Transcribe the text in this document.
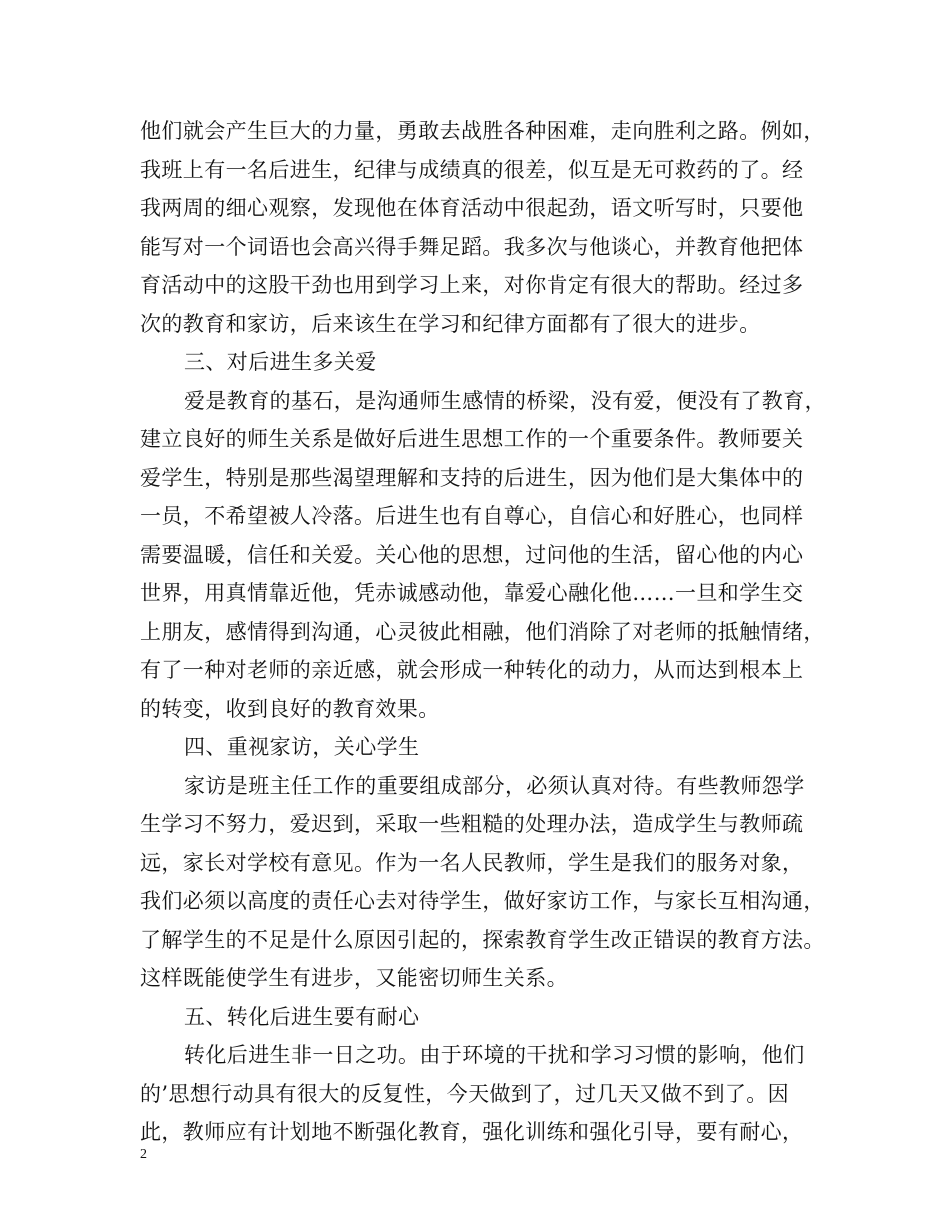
他们就会产生巨大的力量，勇敢去战胜各种困难，走向胜利之路。例如，
我班上有一名后进生，纪律与成绩真的很差，似互是无可救药的了。经
我两周的细心观察，发现他在体育活动中很起劲，语文听写时，只要他
能写对一个词语也会高兴得手舞足蹈。我多次与他谈心，并教育他把体
育活动中的这股干劲也用到学习上来，对你肯定有很大的帮助。经过多
次的教育和家访，后来该生在学习和纪律方面都有了很大的进步。
三、对后进生多关爱
爱是教育的基石，是沟通师生感情的桥梁，没有爱，便没有了教育，
建立良好的师生关系是做好后进生思想工作的一个重要条件。教师要关
爱学生，特别是那些渴望理解和支持的后进生，因为他们是大集体中的
一员，不希望被人冷落。后进生也有自尊心，自信心和好胜心，也同样
需要温暖，信任和关爱。关心他的思想，过问他的生活，留心他的内心
世界，用真情靠近他，凭赤诚感动他，靠爱心融化他……一旦和学生交
上朋友，感情得到沟通，心灵彼此相融，他们消除了对老师的抵触情绪，
有了一种对老师的亲近感，就会形成一种转化的动力，从而达到根本上
的转变，收到良好的教育效果。
四、重视家访，关心学生
家访是班主任工作的重要组成部分，必须认真对待。有些教师怨学
生学习不努力，爱迟到，采取一些粗糙的处理办法，造成学生与教师疏
远，家长对学校有意见。作为一名人民教师，学生是我们的服务对象，
我们必须以高度的责任心去对待学生，做好家访工作，与家长互相沟通，
了解学生的不足是什么原因引起的，探索教育学生改正错误的教育方法。
这样既能使学生有进步，又能密切师生关系。
五、转化后进生要有耐心
转化后进生非一日之功。由于环境的干扰和学习习惯的影响，他们
的’思想行动具有很大的反复性，今天做到了，过几天又做不到了。因
此，教师应有计划地不断强化教育，强化训练和强化引导，要有耐心，
2
